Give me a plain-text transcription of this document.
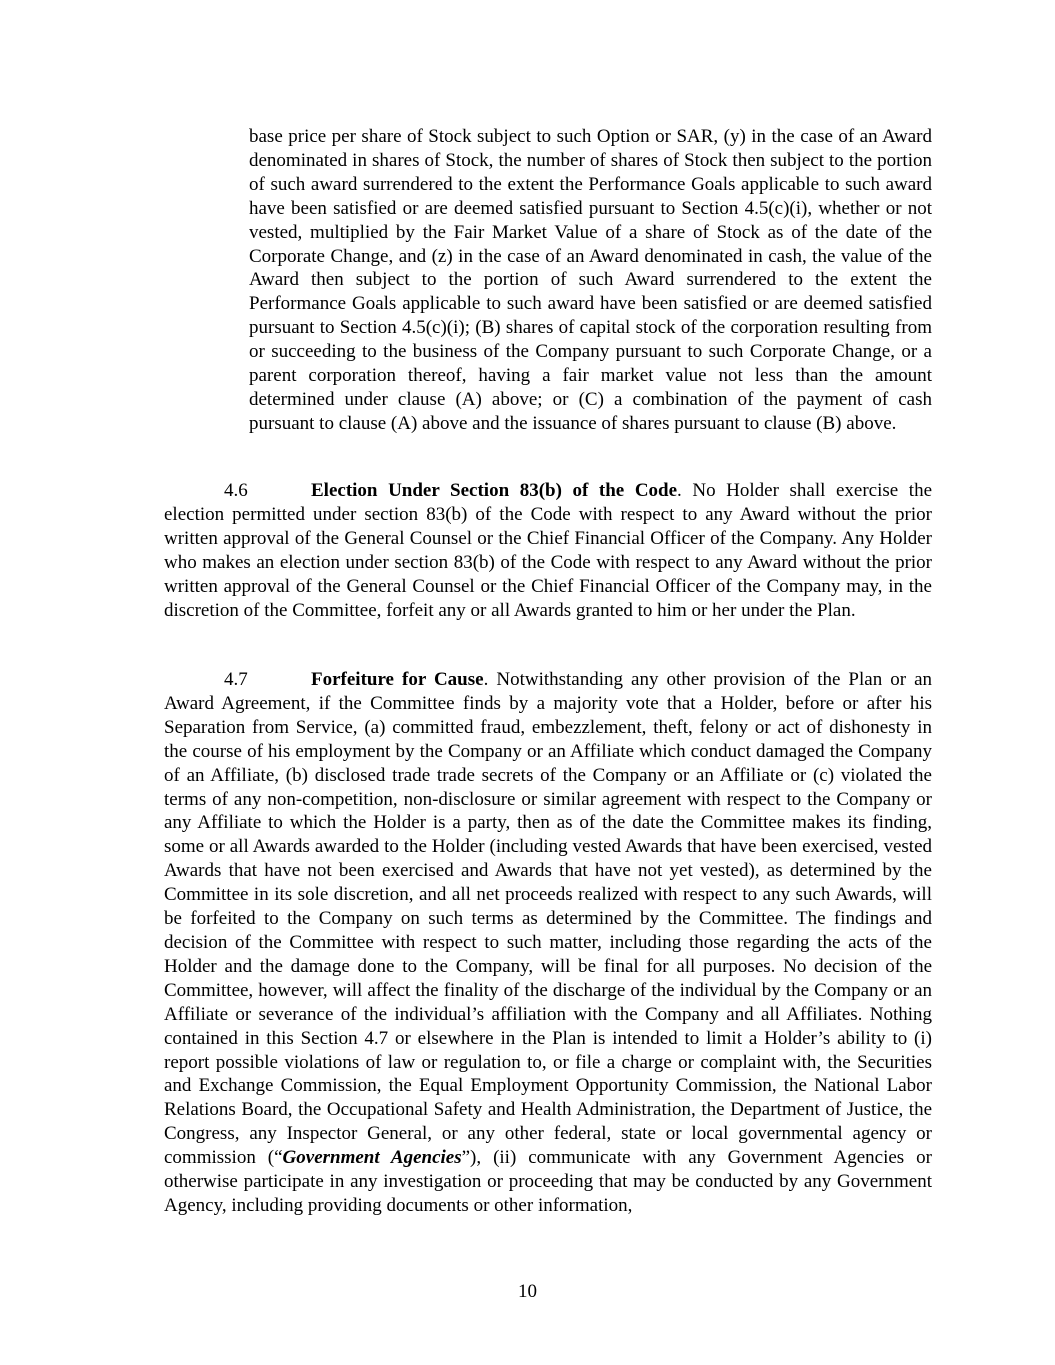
base price per share of Stock subject to such Option or SAR, (y) in the case of an Award denominated in shares of Stock, the number of shares of Stock then subject to the portion of such award surrendered to the extent the Performance Goals applicable to such award have been satisfied or are deemed satisfied pursuant to Section 4.5(c)(i), whether or not vested, multiplied by the Fair Market Value of a share of Stock as of the date of the Corporate Change, and (z) in the case of an Award denominated in cash, the value of the Award then subject to the portion of such Award surrendered to the extent the Performance Goals applicable to such award have been satisfied or are deemed satisfied pursuant to Section 4.5(c)(i); (B) shares of capital stock of the corporation resulting from or succeeding to the business of the Company pursuant to such Corporate Change, or a parent corporation thereof, having a fair market value not less than the amount determined under clause (A) above; or (C) a combination of the payment of cash pursuant to clause (A) above and the issuance of shares pursuant to clause (B) above.

4.6	Election Under Section 83(b) of the Code. No Holder shall exercise the election permitted under section 83(b) of the Code with respect to any Award without the prior written approval of the General Counsel or the Chief Financial Officer of the Company. Any Holder who makes an election under section 83(b) of the Code with respect to any Award without the prior written approval of the General Counsel or the Chief Financial Officer of the Company may, in the discretion of the Committee, forfeit any or all Awards granted to him or her under the Plan.

4.7	Forfeiture for Cause. Notwithstanding any other provision of the Plan or an Award Agreement, if the Committee finds by a majority vote that a Holder, before or after his Separation from Service, (a) committed fraud, embezzlement, theft, felony or act of dishonesty in the course of his employment by the Company or an Affiliate which conduct damaged the Company of an Affiliate, (b) disclosed trade trade secrets of the Company or an Affiliate or (c) violated the terms of any non-competition, non-disclosure or similar agreement with respect to the Company or any Affiliate to which the Holder is a party, then as of the date the Committee makes its finding, some or all Awards awarded to the Holder (including vested Awards that have been exercised, vested Awards that have not been exercised and Awards that have not yet vested), as determined by the Committee in its sole discretion, and all net proceeds realized with respect to any such Awards, will be forfeited to the Company on such terms as determined by the Committee. The findings and decision of the Committee with respect to such matter, including those regarding the acts of the Holder and the damage done to the Company, will be final for all purposes. No decision of the Committee, however, will affect the finality of the discharge of the individual by the Company or an Affiliate or severance of the individual’s affiliation with the Company and all Affiliates. Nothing contained in this Section 4.7 or elsewhere in the Plan is intended to limit a Holder’s ability to (i) report possible violations of law or regulation to, or file a charge or complaint with, the Securities and Exchange Commission, the Equal Employment Opportunity Commission, the National Labor Relations Board, the Occupational Safety and Health Administration, the Department of Justice, the Congress, any Inspector General, or any other federal, state or local governmental agency or commission (“Government Agencies”), (ii) communicate with any Government Agencies or otherwise participate in any investigation or proceeding that may be conducted by any Government Agency, including providing documents or other information,

10
